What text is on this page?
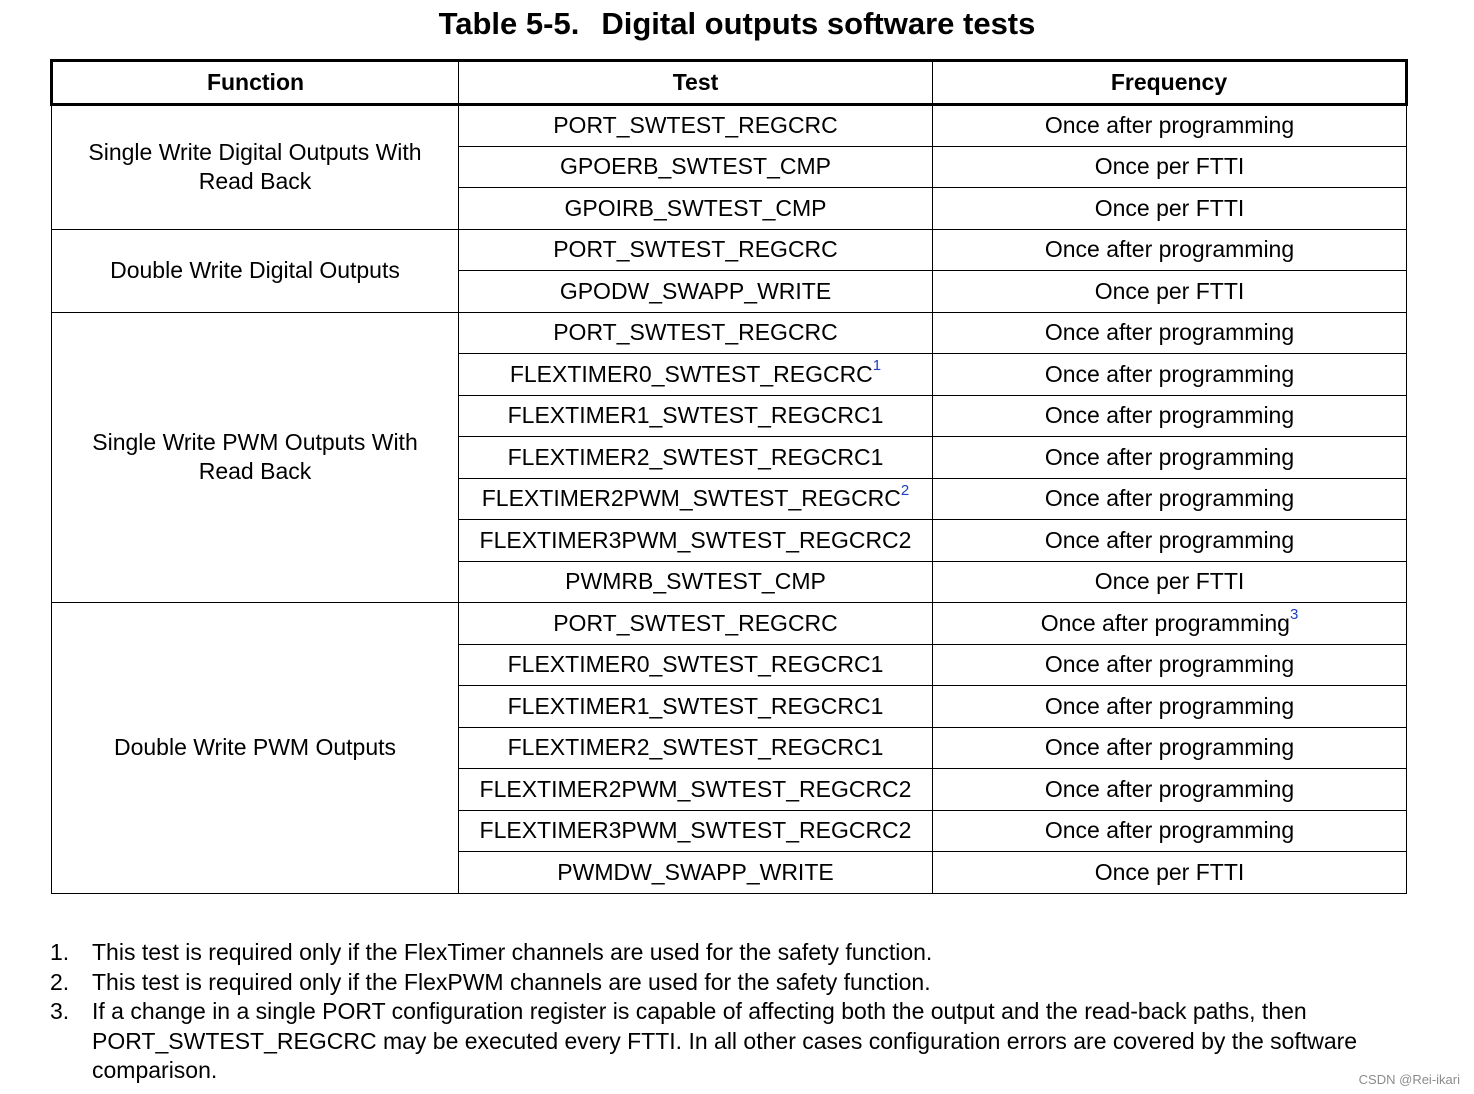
Table 5-5. Digital outputs software tests
Function	Test	Frequency
Single Write Digital Outputs With Read Back	PORT_SWTEST_REGCRC	Once after programming
	GPOERB_SWTEST_CMP	Once per FTTI
	GPOIRB_SWTEST_CMP	Once per FTTI
Double Write Digital Outputs	PORT_SWTEST_REGCRC	Once after programming
	GPODW_SWAPP_WRITE	Once per FTTI
Single Write PWM Outputs With Read Back	PORT_SWTEST_REGCRC	Once after programming
	FLEXTIMER0_SWTEST_REGCRC$^1$	Once after programming
	FLEXTIMER1_SWTEST_REGCRC1	Once after programming
	FLEXTIMER2_SWTEST_REGCRC1	Once after programming
	FLEXTIMER2PWM_SWTEST_REGCRC$^2$	Once after programming
	FLEXTIMER3PWM_SWTEST_REGCRC2	Once after programming
	PWMRB_SWTEST_CMP	Once per FTTI
Double Write PWM Outputs	PORT_SWTEST_REGCRC	Once after programming$^3$
	FLEXTIMER0_SWTEST_REGCRC1	Once after programming
	FLEXTIMER1_SWTEST_REGCRC1	Once after programming
	FLEXTIMER2_SWTEST_REGCRC1	Once after programming
	FLEXTIMER2PWM_SWTEST_REGCRC2	Once after programming
	FLEXTIMER3PWM_SWTEST_REGCRC2	Once after programming
	PWMDW_SWAPP_WRITE	Once per FTTI
1. This test is required only if the FlexTimer channels are used for the safety function.
2. This test is required only if the FlexPWM channels are used for the safety function.
3. If a change in a single PORT configuration register is capable of affecting both the output and the read-back paths, then PORT_SWTEST_REGCRC may be executed every FTTI. In all other cases configuration errors are covered by the software comparison.	CSDN @Rei-ikari
